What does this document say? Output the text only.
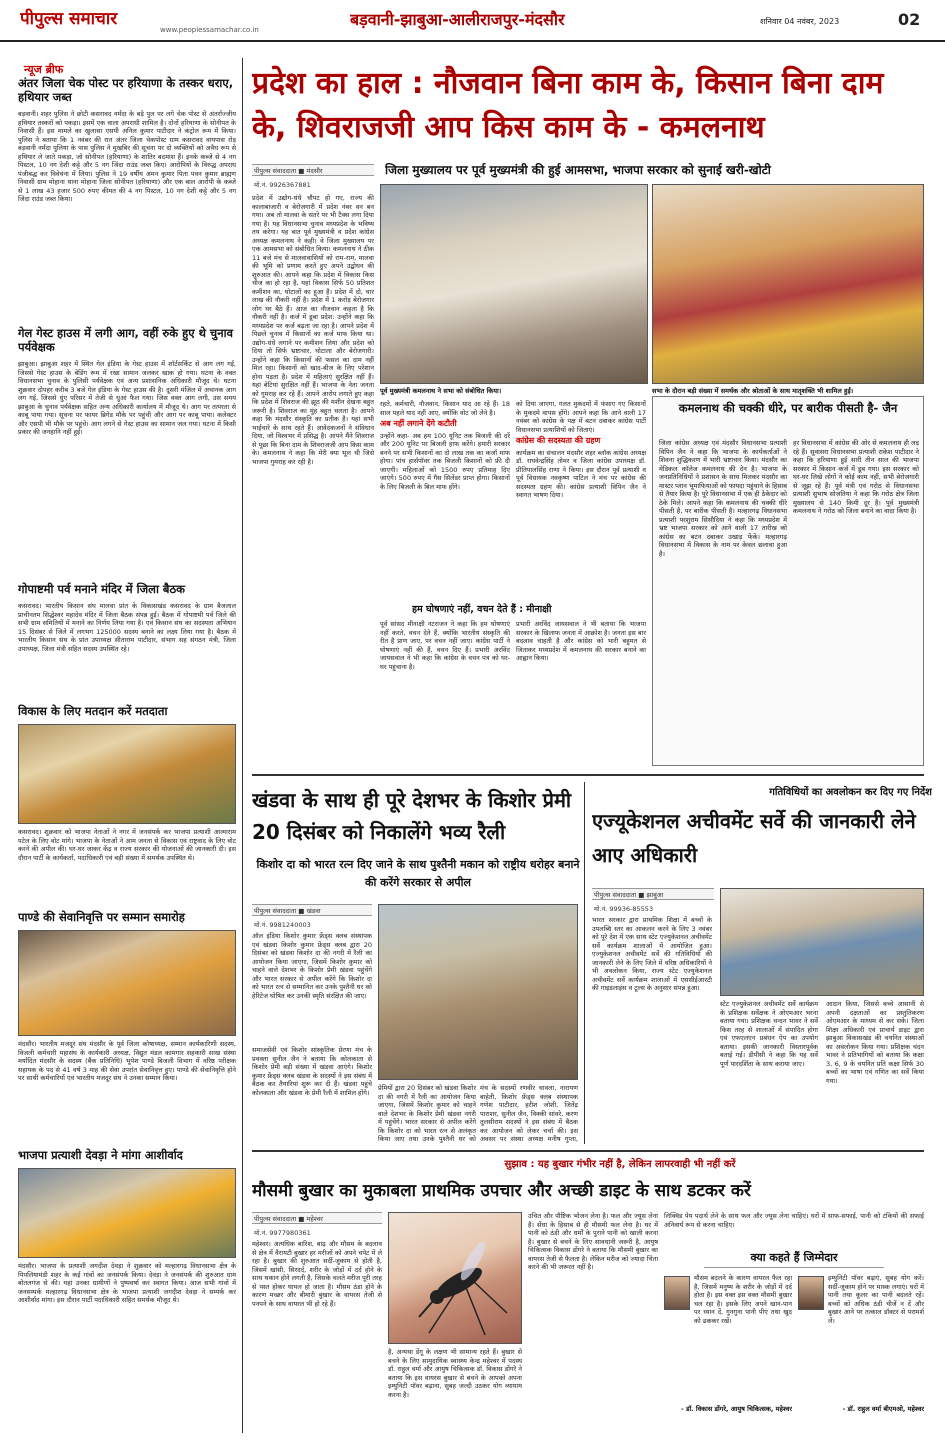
पीपुल्स समाचार
www.peoplessamachar.co.in
बड़वानी-झाबुआ-आलीराजपुर-मंदसौर	शनिवार 04 नवंबर, 2023	02
न्यूज ब्रीफ
अंतर जिला चेक पोस्ट पर हरियाणा के तस्कर धराए, हथियार जब्त
बड़वानी। शहर पुलिस ने छोटी कसरावद नर्मदा के बड़े पुल पर लगे चेक पोस्ट से अंतर्राज्जीय हथियार तस्करों को पकड़ा। इसमें एक वाला अपराधी शामिल है। दोनों हरियाणा के सोनीपत के निवासी हैं। इस मामले का खुलासा एसपी अनिल कुमार पाटीदार ने कंट्रोल रूम में किया। पुलिस ने बताया कि 1 नवंबर की रात अंतर जिला चेकपोस्ट ग्राम कसरावद वायपास रोड़ बड़वानी नर्मदा पुलिया के पास पुलिस ने मुखबिर की सूचना पर दो व्यक्तियों को अवैध रूप से हथियार ले जाते पकड़ा, जो सोनीपत (हरियाणा) के शातिर बदमाश हैं। इनके कब्जे से 4 नग पिस्टल, 10 नग देशी कट्टे और 5 नग जिंदा राउंड जब्त किए। आरोपियों के विरुद्ध अपराध पंजीबद्ध कर विवेचना में लिया। पुलिस ने 19 वर्षीय अमन कुमार पिता पवन कुमार ब्राह्मण निवासी ग्राम मोहाना थाना मोहाना जिला सोनीपत (हरियाणा) और एक बाल आरोपी के कब्जे से 1 लाख 43 हजार 500 रुपए कीमत की 4 नग पिस्टल, 10 नग देशी कट्टे और 5 नग जिंदा राउंड जब्त किया।
गेल गेस्ट हाउस में लगी आग, वहीं रुके हुए थे चुनाव पर्यवेक्षक
झाबुआ। झाबुआ शहर में स्थित गेल इंडिया के गेस्ट हाउस में शॉर्टसर्किट से आग लग गई, जिससे गेस्ट हाउस के बेडिंग रूम में रखा सामान जलकर खाक हो गया। घटना के वक्त विधानसभा चुनाव के पुलिसी पर्यवेक्षक एवं अन्य प्रशासनिक अधिकारी मौजूद थे। घटना शुक्रवार दोपहर करीब 3 बजे गेल इंडिया के गेस्ट हाउस की है। दूसरी मंजिल में अचानक आग लग गई, जिससे धुंए परिसर में तेजी से धुआं फैल गया। जिस वक्त आग लगी, उस समय झाबुआ के चुनाव पर्यवेक्षक सहित अन्य अधिकारी कार्यालय में मौजूद थे। आग पर तत्परता से काबू पाया गया। सूचना पर फायर ब्रिगेड मौके पर पहुंची और आग पर काबू पाया। कलेक्टर और एसपी भी मौके पर पहुंचे। आग लगने से गेस्ट हाउस का सामान जल गया। घटना में किसी प्रकार की जनहानि नहीं हुई।
गोपाष्टमी पर्व मनाने मंदिर में जिला बैठक
कसरावद। भारतीय किसान संघ मालवा प्रांत के विकासखंड कसरावद के ग्राम बैजलाल प्राचीनतम सिद्धेश्वर महादेव मंदिर में जिला बैठक संपन्न हुई। बैठक में गोपाष्टमी पर्व जिले की सभी ग्राम समितियों में मनाने का निर्णय लिया गया है। एवं किसान संघ का सदस्यता अभियान 15 दिसंबर से जिले में लगभग 125000 सदस्य बनाने का लक्ष्य लिया गया है। बैठक में भारतीय किसान संघ के प्रांत उपाध्यक्ष सीताराम पाटीदार, संभाग सह संगठन मंत्री, जिला उपाध्यक्ष, जिला मंत्री सहित सदस्य उपस्थित रहे।
विकास के लिए मतदान करें मतदाता
कसरावद। शुक्रवार को भाजपा नेताओं ने नगर में जनसंपर्क कर भाजपा प्रत्याशी आत्माराम पटेल के लिए वोट मांगे। भाजपा के नेताओं ने आम जनता से विकास एवं राष्ट्रवाद के लिए वोट करने की अपील की। घर-घर जाकर केंद्र व राज्य सरकार की योजनाओं की जानकारी दी। इस दौरान पार्टी के कार्यकर्ता, पदाधिकारी एवं बड़ी संख्या में समर्थक उपस्थित थे।
पाण्डे की सेवानिवृत्ति पर सम्मान समारोह
मंदसौर। भारतीय मजदूर संघ मंदसौर के पूर्व जिला कोषाध्यक्ष, सम्मान कार्यकारिणी सदस्य, विजली कर्मचारी महासंघ के कार्यकारी अध्यक्ष, विद्युत मंडल कामगार सहकारी साख संस्था मर्यादित मंदसौर के सदस्य (बैंक प्रतिनिधि) भूपेश पाण्डे बिजली विभाग में वरिष्ठ परीक्षक सहायक के पद से 41 वर्ष 3 माह की सेवा उपरांत सेवानिवृत्त हुए। पाण्डे की सेवानिवृत्ति होने पर साथी कर्मचारियों एवं भारतीय मजदूर संघ ने उनका सम्मान किया।
भाजपा प्रत्याशी देवड़ा ने मांगा आशीर्वाद
मंदसौर। भाजपा के प्रत्याशी जगदीश देवड़ा ने शुक्रवार को मल्हारगढ़ विधानसभा क्षेत्र के पिपलियामंडी शहर के कई गांवों का जनसंपर्क किया। देवड़ा ने जनसंपर्क की शुरुआत ग्राम बोतलगंज से की। यहां उनका ग्रामीणों ने पुष्पवर्षा कर स्वागत किया। आज सभी गांवों में जनसम्पर्क मल्हारगढ़ विधानसभा क्षेत्र के भाजपा प्रत्याशी जगदीश देवड़ा ने सम्पर्क कर आशीर्वाद मांगा। इस दौरान पार्टी पदाधिकारी सहित समर्थक मौजूद थे।
प्रदेश का हाल : नौजवान बिना काम के, किसान बिना दाम के, शिवराजजी आप किस काम के - कमलनाथ
जिला मुख्यालय पर पूर्व मुख्यमंत्री की हुई आमसभा, भाजपा सरकार को सुनाई खरी-खोटी
पीपुल्स संवाददाता ■ मंदसौर
मो.नं. 9926367881
प्रदेश में उद्योग-धंधे चौपट हो गए, राज्य की कालाबाजारी व बेरोजगारी में प्रदेश नंबर वन बन गया। अब तो मालवा के संतरे पर भी टैक्स लगा दिया गया है। यह विधानसभा चुनाव मध्यप्रदेश के भविष्य तय करेगा। यह बात पूर्व मुख्यमंत्री व प्रदेश कांग्रेस अध्यक्ष कमलनाथ ने कही। वे जिला मुख्यालय पर एक आमसभा को संबोधित किया। कमलनाथ ने ठीक 11 बजे मंच से मालवावासियों को राम-राम, मालवा की भूमि को प्रणाम करते हुए अपने उद्बोधन की शुरुआत की। आपने कहा कि प्रदेश में विकास किस चीज का हो रहा है, यहां विकास सिर्फ 50 प्रतिशत कमीशन का, घोटालों का हुआ है। प्रदेश में दो, चार लाख की नौकरी नहीं है। प्रदेश में 1 करोड़ बेरोजगार लोग घर बैठे हैं। आज का नौजवान कहता है कि नौकरी नहीं है। कर्ज में डूबा प्रदेश: उन्होंने कहा कि मध्यप्रदेश पर कर्ज बढ़ता जा रहा है। आपने प्रदेश में पिछले चुनाव में किसानों का कर्ज माफ किया था। उद्योग-धंधे लगाने पर कमीशन लिया और प्रदेश को दिया तो सिर्फ भ्रष्टाचार, घोटाला और बेरोजगारी। उन्होंने कहा कि किसानों की फसल का दाम नहीं मिल रहा। किसानों को खाद-बीज के लिए परेशान होना पड़ता है। प्रदेश में महिलाएं सुरक्षित नहीं हैं। यहां बेटियां सुरक्षित नहीं हैं। भाजपा के नेता जनता को गुमराह कर रहे हैं। आपने आरोप लगाते हुए कहा कि प्रदेश में शिवराज की झूठ की मशीन देखना बहुत जरूरी है। शिवराज का मुंह बहुत चलता है। आपने कहा कि मंदसौर संस्कृति का प्रतीक है। यहां सभी भाईचारे के साथ रहते हैं। आवेदकजनों ने संविधान दिया, जो विश्वभर में प्रसिद्ध है। आपने मैंने शिवराज से पूछा कि बिना दाम के शिवराजजी आप किस काम के। कमलनाथ ने कहा कि मेरी क्या भूल थी जिसे भाजपा गुमराह कर रही है।
पूर्व मुख्यमंत्री कमलनाथ ने सभा को संबोधित किया।	सभा के दौरान बड़ी संख्या में समर्थक और श्रोताओं के साथ मातृशक्ति भी शामिल हुईं।
रहते, कर्मचारी, नौजवान, किसान याद आ रहे हैं। 18 साल पहले याद नहीं आए, क्योंकि वोट जो लेने है।
अब नहीं लगाने देंगे कटौती
उन्होंने कहा- अब हम 100 यूनिट तक बिजली की दरें और 200 यूनिट पर बिजली हाफ करेंगे। हमारी सरकार बनने पर सभी किसानों का दो लाख तक का कर्जा माफ होगा। पांच हार्सपॉवर तक बिजली किसानों को फ्री दी जाएगी। महिलाओं को 1500 रुपए प्रतिमाह दिए जाएंगे। 500 रुपए में गैस सिलेंडर प्राप्त होगा। किसानों के लिए बिजली के बिल माफ होंगे।
को दिया जाएगा, गलत मुकदमों में फंसाए गए किसानों के मुकदमे वापस होंगे। आपने कहा कि आने वाली 17 नवंबर को कांग्रेस के पक्ष में बटन दबाकर कांग्रेस पार्टी विधानसभा प्रत्याशियों को जिताएं।
कांग्रेस की सदस्यता की ग्रहण
कार्यक्रम का संचालन मंदसौर शहर ब्लॉक कांग्रेस अध्यक्ष डॉ. राघवेन्द्रसिंह तोमर व जिला कांग्रेस उपाध्यक्ष डॉ. प्रीतिपालसिंह राणा ने किया। इस दौरान पूर्व प्रत्याशी व पूर्व विधायक नवकृष्ण पाटिल ने मंच पर कांग्रेस की सदस्यता ग्रहण की। कांग्रेस प्रत्याशी विपिन जैन ने स्वागत भाषण दिया।
हम घोषणाएं नहीं, वचन देते हैं : मीनाक्षी
पूर्व सांसद मीनाक्षी नटराजन ने कहा कि हम घोषणाएं नहीं करते, वचन देते हैं, क्योंकि भारतीय संस्कृति की रीत है प्राण जाए, पर वचन नहीं जाए। कांग्रेस पार्टी ने घोषणाएं नहीं की हैं, वचन दिए हैं। प्रभारी अरविंद जायसवाल ने भी कहा कि कांग्रेस के वचन पत्र को घर-घर पहुंचाना है।
प्रभारी अरविंद जायसवाल ने भी बताया कि भाजपा सरकार के खिलाफ जनता में आक्रोश है। जनता इस बार बदलाव चाहती है और कांग्रेस को भारी बहुमत से जिताकर मध्यप्रदेश में कमलनाथ की सरकार बनाने का आह्वान किया।
कमलनाथ की चक्की धीरे, पर बारीक पीसती है- जैन
जिला कांग्रेस अध्यक्ष एवं मंदसौर विधानसभा प्रत्याशी विपिन जैन ने कहा कि भाजपा के कार्यकर्ताओं ने शिवना शुद्धिकरण में भारी भ्रष्टाचार किया। मंदसौर का मेडिकल कॉलेज कमलनाथ की देन है। भाजपा के जनप्रतिनिधियों ने प्रशासन के साथ मिलकर मंदसौर का मास्टर प्लान भूमाफियाओं को फायदा पहुंचाने के हिसाब से तैयार किया है। पूरे विधानसभा में एक ही ठेकेदार को ठेके मिले। आपने कहा कि कमलनाथ की चक्की धीरे पीसती है, पर बारीक पीसती है। मल्हारगढ़ विधानसभा प्रत्याशी परशुराम सिसौदिया ने कहा कि मध्यप्रदेश में भ्रष्ट भाजपा सरकार को आने वाली 17 तारीख को कांग्रेस का बटन दबाकर उखाड़ फेंकें। मल्हारगढ़ विधानसभा में विकास के नाम पर केवल छलावा हुआ है।
हर विधानसभा में कांग्रेस की ओर से कमलनाथ ही लड़ रहे हैं। सुवासरा विधानसभा प्रत्याशी राकेश पाटीदार ने कहा कि हरियाणा हुई सारी तीन साल की भाजपा सरकार में किसान कर्ज में डूब गया। इस सरकार को घर-घर लिखे लोगों ने कोई काम नहीं, सभी बेरोजगारी से जूझ रहे हैं। पूर्व मंत्री एवं गरोठ से विधानसभा प्रत्याशी सुभाष सोजतिया ने कहा कि गरोठ क्षेत्र जिला मुख्यालय से 140 किमी दूर है। पूर्व मुख्यमंत्री कमलनाथ ने गरोठ को जिला बनाने का वादा किया है।
खंडवा के साथ ही पूरे देशभर के किशोर प्रेमी 20 दिसंबर को निकालेंगे भव्य रैली
किशोर दा को भारत रत्न दिए जाने के साथ पुश्तैनी मकान को राष्ट्रीय धरोहर बनाने की करेंगे सरकार से अपील
पीपुल्स संवाददाता ■ खंडवा
मो.नं. 9981240003
ऑल इंडिया किशोर कुमार फ्रेंड्स क्लब संस्थापक एवं खंडवा किशोर कुमार फ्रेंड्स क्लब द्वारा 20 दिसंबर को खंडवा किशोर दा की नगरी में रैली का आयोजन किया जाएगा, जिसमें किशोर कुमार को चाहने वाले देशभर के किशोर प्रेमी खंडवा पहुंचेंगे और भारत सरकार से अपील करेंगे कि किशोर दा को भारत रत्न से सम्मानित कर उनके पुश्तैनी घर को हेरिटेज घोषित कर उनकी स्मृति संरक्षित की जाए।
समाजसेवी एवं किशोर सांस्कृतिक प्रेरणा मंच के प्रवक्ता सुनील जैन ने बताया कि कोलकाता से किशोर प्रेमी बड़ी संख्या में खंडवा आएंगे। किशोर कुमार फ्रेंड्स क्लब खंडवा के सदस्यों ने इस संबंध में बैठक कर तैयारियां शुरू कर दी हैं। खंडवा पहुंचे कोलकाता और खंडवा के प्रेमी रैली में शामिल होंगे।
प्रेमियों द्वारा 20 दिसंबर को खंडवा किशोर दा की नगरी में रैली का आयोजन किया जाएगा, जिसमें किशोर कुमार को चाहने वाले देशभर के किशोर प्रेमी खंडवा नगरी में पहुंचेंगे। भारत सरकार से अपील करेंगे कि किशोर दा को भारत रत्न से अलंकृत किया जाए तथा उनके पुश्तैनी घर को
मंच के सदस्यों रणवीर चावला, नारायण बाहेती, किशोर फ्रेंड्स क्लब संस्थापक गणेश पाटीदार, हरीश जोशी, जितेंद्र पाराशर, सुनील जैन, विक्की सांवरे, करण तुलसीराम सदस्यों ने इस संबंध में बैठक कर आयोजन को लेकर चर्चा की। इस अवसर पर संस्था अध्यक्ष मनीष गुप्ता,
गतिविधियों का अवलोकन कर दिए गए निर्देश
एज्यूकेशनल अचीवमेंट सर्वे की जानकारी लेने आए अधिकारी
पीपुल्स संवाददाता ■ झाबुआ
मो.नं. 99936-85553
भारत सरकार द्वारा प्राथमिक शिक्षा में बच्चों के उपलब्धि स्तर का आकलन करने के लिए 3 नवंबर को पूरे देश में एक साथ स्टेट एज्युकेशनल अचीवमेंट सर्वे कार्यक्रम शालाओं में आयोजित हुआ। एज्युकेशनल अचीवमेंट सर्वे की गतिविधियों की जानकारी लेने के लिए जिले में वरिष्ठ अधिकारियों ने भी अवलोकन किया, राज्य स्टेट एज्युकेशनल अचीवमेंट सर्वे कार्यक्रम शालाओं में एससीईआरटी की गाइडलाइंस व टूल्स के अनुसार संपन्न हुआ।
स्टेट एज्युकेशनल अचीवमेंट सर्वे कार्यक्रम के प्रशिक्षक सर्वेक्षक ने ओएमआर भरना बताया गया। प्रशिक्षक चन्दन भावर ने सर्वे किस तरह से शालाओं में संपादित होगा एवं एफएलएन प्रबंधन ऐप का उपयोग बताया। इसकी जानकारी विस्तारपूर्वक बताई गई। डीपीसी ने कहा कि यह सर्वे पूर्ण पारदर्शिता के साथ कराया जाए।
आदान किया, जिससे बच्चे आसानी से अपनी दक्षताओं का प्रस्तुतिकरण ओएमआर के माध्यम से कर सके। जिला शिक्षा अधिकारी एवं प्राचार्य डाइट द्वारा झाबुआ विकासखंड की चयनित संस्थाओं का अवलोकन किया गया। प्रशिक्षक चंदन भावर ने प्रतिभागियों को बताया कि कक्षा 3, 6, 9 के चयनित प्रति कक्षा सिर्फ 30 बच्चों का भाषा एवं गणित का सर्वे किया गया।
सुझाव : यह बुखार गंभीर नहीं है, लेकिन लापरवाही भी नहीं करें
मौसमी बुखार का मुकाबला प्राथमिक उपचार और अच्छी डाइट के साथ डटकर करें
पीपुल्स संवाददाता ■ महेश्वर
मो.नं. 9977980361
महेश्वर। अत्यधिक बारिश, बाढ़ और मौसम के बदलाव से क्षेत्र में वैरायटी बुखार हर मरीजों को अपने चपेट में ले रहा है। बुखार की शुरुआत सर्दी-जुकाम से होती है, जिसमें खांसी, सिरदर्द, शरीर के जोड़ों में दर्द होने के साथ थकान होने लगती है, जिसके चलते मरीज पूरी तरह से पस्त होकर घायल हो जाता है। मौसम ठंडा होने के कारण मच्छर और बीमारी बुखार के वायरस तेजी से पनपने के साथ वायरल भी हो रहे हैं।
है, अन्यथा डेंगू के लक्षण भी सामान्य रहते हैं। बुखार से बचने के लिए सामुदायिक स्वास्थ्य केन्द्र महेश्वर में पदस्थ डॉ. राहुल वर्मा और आयुष चिकित्सक डॉ. विकास डोंगरे ने बताया कि इस वायरस बुखार से बचने के आपको अपना इम्युनिटी पॉवर बढ़ाना, सुबह जल्दी उठकर योग व्यायाम करना है।
उचित और पौष्टिक भोजन लेना है। फल और ज्यूस लेना है। सेंधा के हिसाब से ही मौसमी फल लेना है। घर में पानी को ठंडी और धर्मों के पुराने पानी को खाली करना है। बुखार से बचने के लिए सावधानी जरूरी है, आयुष चिकित्सक विकास डोंगरे ने बताया कि मौसमी बुखार का वायरस तेजी से फैलता है। लेकिन मरीज को ज्यादा चिंता करने की भी जरूरत नहीं है।
लिक्विड पेय पदार्थ लेने के साथ फल और ज्यूस लेना चाहिए। घरों में साफ-सफाई, पानी को टंकियों की सफाई अनिवार्य रूप से करना चाहिए।
क्या कहते हैं जिम्मेदार
मौसम बदलने के कारण वायरल फैल रहा है, जिसमें मनुष्य के शरीर के जोड़ों में दर्द होता है। इस वक्त इस वक्त मौसमी बुखार चल रहा है। इसके लिए अपने खान-पान पर ध्यान दें, गुनगुना पानी पीएं तथा खुद को ढककर रखें।
- डॉ. विकास डोंगरे, आयुष चिकित्सक, महेश्वर
इम्युनिटी पॉवर बढ़ाएं, सुबह योग करें। सर्दी-जुकाम होने पर मास्क लगाएं। घरों में पानी तथा कूलर का पानी बदलते रहें। बच्चों को अधिक ठंडी चीजें न दें और बुखार आने पर तत्काल डॉक्टर से परामर्श लें।
- डॉ. राहुल वर्मा बीएमओ, महेश्वर
